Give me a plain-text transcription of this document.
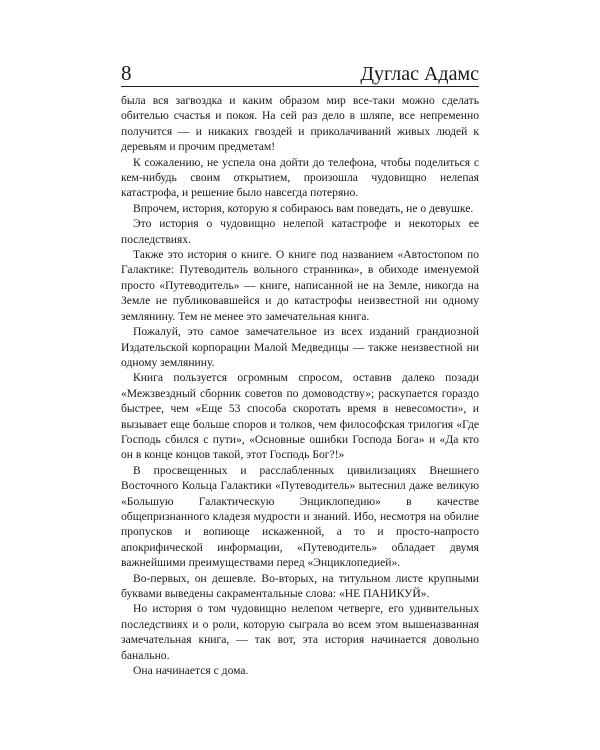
8	Дуглас Адамс

была вся загвоздка и каким образом мир все-таки можно сделать обителью счастья и покоя. На сей раз дело в шляпе, все непременно получится — и никаких гвоздей и приколачиваний живых людей к деревьям и прочим предметам!

К сожалению, не успела она дойти до телефона, чтобы поделиться с кем-нибудь своим открытием, произошла чудовищно нелепая катастрофа, и решение было навсегда потеряно.

Впрочем, история, которую я собираюсь вам поведать, не о девушке.

Это история о чудовищно нелепой катастрофе и некоторых ее последствиях.

Также это история о книге. О книге под названием «Автостопом по Галактике: Путеводитель вольного странника», в обиходе именуемой просто «Путеводитель» — книге, написанной не на Земле, никогда на Земле не публиковавшейся и до катастрофы неизвестной ни одному землянину. Тем не менее это замечательная книга.

Пожалуй, это самое замечательное из всех изданий грандиозной Издательской корпорации Малой Медведицы — также неизвестной ни одному землянину.

Книга пользуется огромным спросом, оставив далеко позади «Межзвездный сборник советов по домоводству»; раскупается гораздо быстрее, чем «Еще 53 способа скоротать время в невесомости», и вызывает еще больше споров и толков, чем философская трилогия «Где Господь сбился с пути», «Основные ошибки Господа Бога» и «Да кто он в конце концов такой, этот Господь Бог?!»

В просвещенных и расслабленных цивилизациях Внешнего Восточного Кольца Галактики «Путеводитель» вытеснил даже великую «Большую Галактическую Энциклопедию» в качестве общепризнанного кладезя мудрости и знаний. Ибо, несмотря на обилие пропусков и вопиюще искаженной, а то и просто-напросто апокрифической информации, «Путеводитель» обладает двумя важнейшими преимуществами перед «Энциклопедией».

Во-первых, он дешевле. Во-вторых, на титульном листе крупными буквами выведены сакраментальные слова: «НЕ ПАНИКУЙ».

Но история о том чудовищно нелепом четверге, его удивительных последствиях и о роли, которую сыграла во всем этом вышеназванная замечательная книга, — так вот, эта история начинается довольно банально.

Она начинается с дома.
